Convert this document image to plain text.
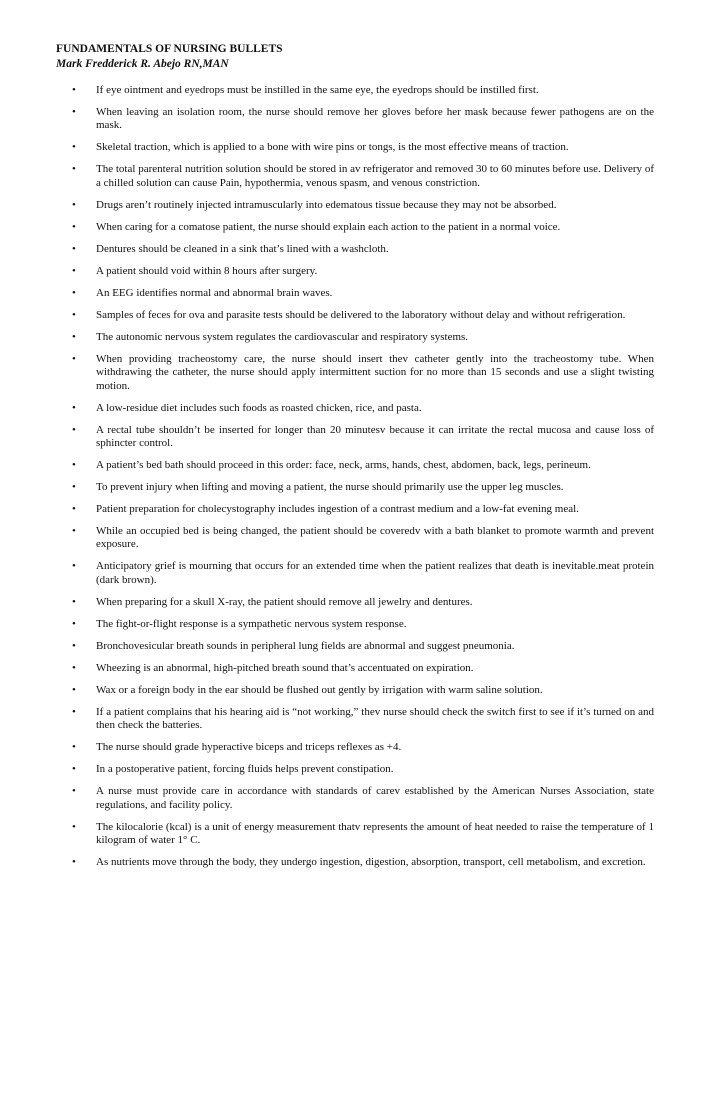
FUNDAMENTALS OF NURSING BULLETS

Mark Fredderick R. Abejo RN,MAN

• If eye ointment and eyedrops must be instilled in the same eye, the eyedrops should be instilled first.
• When leaving an isolation room, the nurse should remove her gloves before her mask because fewer pathogens are on the mask.
• Skeletal traction, which is applied to a bone with wire pins or tongs, is the most effective means of traction.
• The total parenteral nutrition solution should be stored in av refrigerator and removed 30 to 60 minutes before use. Delivery of a chilled solution can cause Pain, hypothermia, venous spasm, and venous constriction.
• Drugs aren’t routinely injected intramuscularly into edematous tissue because they may not be absorbed.
• When caring for a comatose patient, the nurse should explain each action to the patient in a normal voice.
• Dentures should be cleaned in a sink that’s lined with a washcloth.
• A patient should void within 8 hours after surgery.
• An EEG identifies normal and abnormal brain waves.
• Samples of feces for ova and parasite tests should be delivered to the laboratory without delay and without refrigeration.
• The autonomic nervous system regulates the cardiovascular and respiratory systems.
• When providing tracheostomy care, the nurse should insert thev catheter gently into the tracheostomy tube. When withdrawing the catheter, the nurse should apply intermittent suction for no more than 15 seconds and use a slight twisting motion.
• A low-residue diet includes such foods as roasted chicken, rice, and pasta.
• A rectal tube shouldn’t be inserted for longer than 20 minutesv because it can irritate the rectal mucosa and cause loss of sphincter control.
• A patient’s bed bath should proceed in this order: face, neck, arms, hands, chest, abdomen, back, legs, perineum.
• To prevent injury when lifting and moving a patient, the nurse should primarily use the upper leg muscles.
• Patient preparation for cholecystography includes ingestion of a contrast medium and a low-fat evening meal.
• While an occupied bed is being changed, the patient should be coveredv with a bath blanket to promote warmth and prevent exposure.
• Anticipatory grief is mourning that occurs for an extended time when the patient realizes that death is inevitable.meat protein (dark brown).
• When preparing for a skull X-ray, the patient should remove all jewelry and dentures.
• The fight-or-flight response is a sympathetic nervous system response.
• Bronchovesicular breath sounds in peripheral lung fields are abnormal and suggest pneumonia.
• Wheezing is an abnormal, high-pitched breath sound that’s accentuated on expiration.
• Wax or a foreign body in the ear should be flushed out gently by irrigation with warm saline solution.
• If a patient complains that his hearing aid is “not working,” thev nurse should check the switch first to see if it’s turned on and then check the batteries.
• The nurse should grade hyperactive biceps and triceps reflexes as +4.
• In a postoperative patient, forcing fluids helps prevent constipation.
• A nurse must provide care in accordance with standards of carev established by the American Nurses Association, state regulations, and facility policy.
• The kilocalorie (kcal) is a unit of energy measurement thatv represents the amount of heat needed to raise the temperature of 1 kilogram of water 1° C.
• As nutrients move through the body, they undergo ingestion, digestion, absorption, transport, cell metabolism, and excretion.
